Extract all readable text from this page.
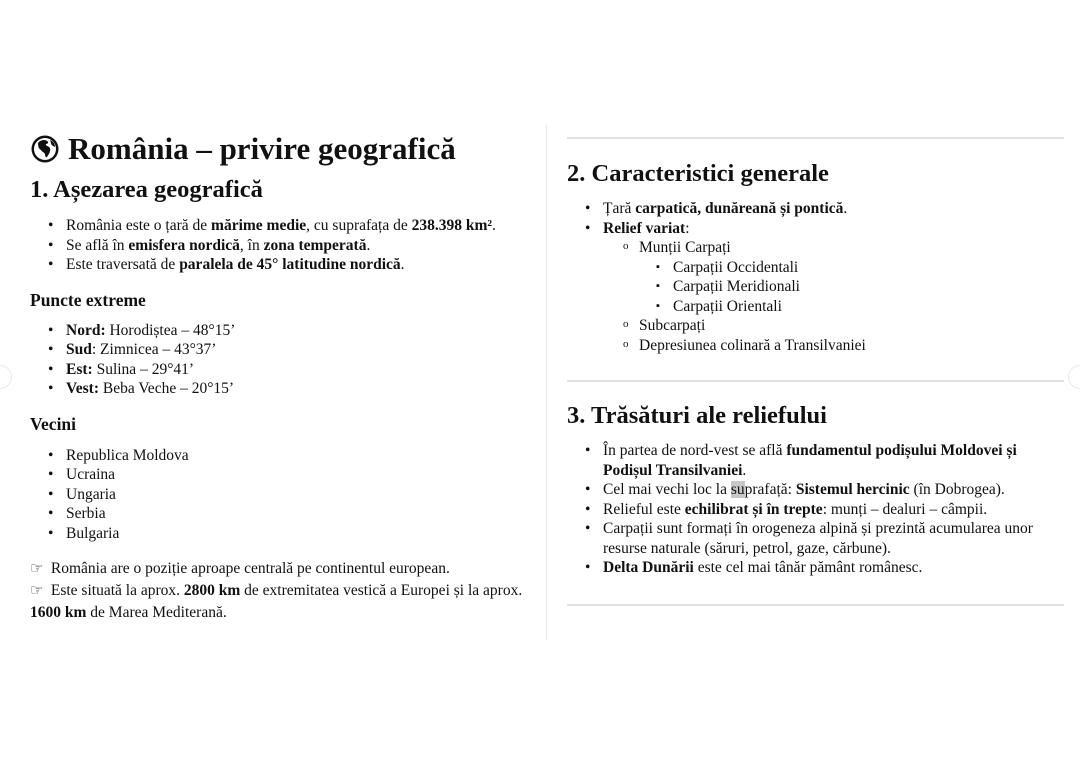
România – privire geografică
1. Așezarea geografică
• România este o țară de mărime medie, cu suprafața de 238.398 km².
• Se află în emisfera nordică, în zona temperată.
• Este traversată de paralela de 45° latitudine nordică.
Puncte extreme
• Nord: Horodiștea – 48°15’
• Sud: Zimnicea – 43°37’
• Est: Sulina – 29°41’
• Vest: Beba Veche – 20°15’
Vecini
• Republica Moldova
• Ucraina
• Ungaria
• Serbia
• Bulgaria
☞ România are o poziție aproape centrală pe continentul european.
☞ Este situată la aprox. 2800 km de extremitatea vestică a Europei și la aprox. 1600 km de Marea Mediterană.
2. Caracteristici generale
• Țară carpatică, dunăreană și pontică.
• Relief variat:
o Munții Carpați
▪ Carpații Occidentali
▪ Carpații Meridionali
▪ Carpații Orientali
o Subcarpați
o Depresiunea colinară a Transilvaniei
3. Trăsături ale reliefului
• În partea de nord-vest se află fundamentul podișului Moldovei și Podișul Transilvaniei.
• Cel mai vechi loc la suprafață: Sistemul hercinic (în Dobrogea).
• Relieful este echilibrat și în trepte: munți – dealuri – câmpii.
• Carpații sunt formați în orogeneza alpină și prezintă acumularea unor resurse naturale (săruri, petrol, gaze, cărbune).
• Delta Dunării este cel mai tânăr pământ românesc.
